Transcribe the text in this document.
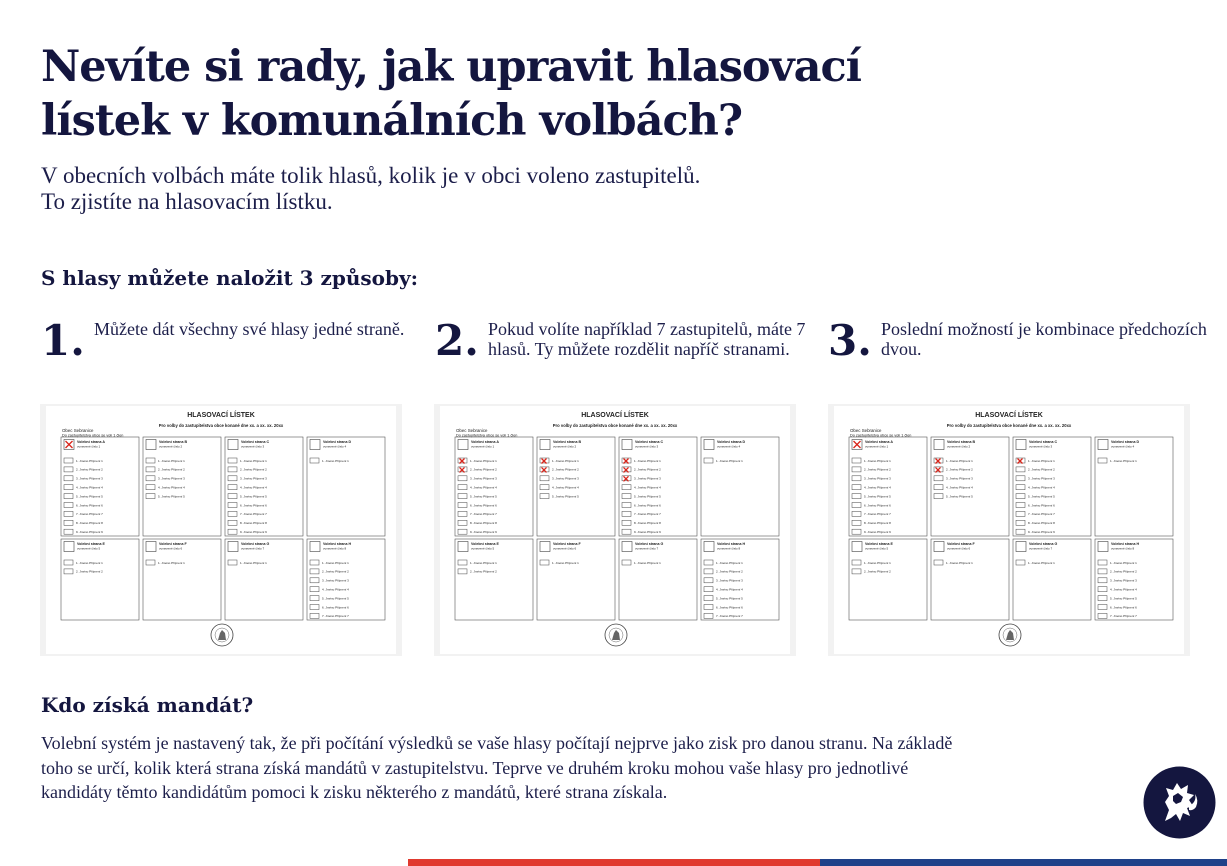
Nevíte si rady, jak upravit hlasovací
lístek v komunálních volbách?

V obecních volbách máte tolik hlasů, kolik je v obci voleno zastupitelů.
To zjistíte na hlasovacím lístku.

S hlasy můžete naložit 3 způsoby:
1. Můžete dát všechny své hlasy jedné straně. 2. Pokud volíte například 7 zastupitelů, máte 7 hlasů. Ty můžete rozdělit napříč stranami. 3. Poslední možností je kombinace předchozích dvou.
HLASOVACÍ LÍSTEK
Pro volby do zastupitelstva obce konané dne xx. a xx. xx. 20xx
Obec Sebranice
Do zastupitelstva obce se volí 1 člen
Volební strana A
vymezené číslo 1
1. Jméno Příjmení 1
2. Jméno Příjmení 2
3. Jméno Příjmení 3
4. Jméno Příjmení 4
5. Jméno Příjmení 5
6. Jméno Příjmení 6
7. Jméno Příjmení 7
8. Jméno Příjmení 8
9. Jméno Příjmení 9
Volební strana B
vymezené číslo 2
1. Jméno Příjmení 1
2. Jméno Příjmení 2
3. Jméno Příjmení 3
4. Jméno Příjmení 4
5. Jméno Příjmení 5
Volební strana C
vymezené číslo 3
1. Jméno Příjmení 1
2. Jméno Příjmení 2
3. Jméno Příjmení 3
4. Jméno Příjmení 4
5. Jméno Příjmení 5
6. Jméno Příjmení 6
7. Jméno Příjmení 7
8. Jméno Příjmení 8
9. Jméno Příjmení 9
Volební strana D
vymezené číslo 4
1. Jméno Příjmení 1
Volební strana E
vymezené číslo 5
1. Jméno Příjmení 1
2. Jméno Příjmení 2
Volební strana F
vymezené číslo 6
1. Jméno Příjmení 1
Volební strana G
vymezené číslo 7
1. Jméno Příjmení 1
Volební strana H
vymezené číslo 8
1. Jméno Příjmení 1
2. Jméno Příjmení 2
3. Jméno Příjmení 3
4. Jméno Příjmení 4
5. Jméno Příjmení 5
6. Jméno Příjmení 6
7. Jméno Příjmení 7
HLASOVACÍ LÍSTEK
Pro volby do zastupitelstva obce konané dne xx. a xx. xx. 20xx
Obec Sebranice
Do zastupitelstva obce se volí 1 člen
Volební strana A
vymezené číslo 1
1. Jméno Příjmení 1
2. Jméno Příjmení 2
3. Jméno Příjmení 3
4. Jméno Příjmení 4
5. Jméno Příjmení 5
6. Jméno Příjmení 6
7. Jméno Příjmení 7
8. Jméno Příjmení 8
9. Jméno Příjmení 9
Volební strana B
vymezené číslo 2
1. Jméno Příjmení 1
2. Jméno Příjmení 2
3. Jméno Příjmení 3
4. Jméno Příjmení 4
5. Jméno Příjmení 5
Volební strana C
vymezené číslo 3
1. Jméno Příjmení 1
2. Jméno Příjmení 2
3. Jméno Příjmení 3
4. Jméno Příjmení 4
5. Jméno Příjmení 5
6. Jméno Příjmení 6
7. Jméno Příjmení 7
8. Jméno Příjmení 8
9. Jméno Příjmení 9
Volební strana D
vymezené číslo 4
1. Jméno Příjmení 1
Volební strana E
vymezené číslo 5
1. Jméno Příjmení 1
2. Jméno Příjmení 2
Volební strana F
vymezené číslo 6
1. Jméno Příjmení 1
Volební strana G
vymezené číslo 7
1. Jméno Příjmení 1
Volební strana H
vymezené číslo 8
1. Jméno Příjmení 1
2. Jméno Příjmení 2
3. Jméno Příjmení 3
4. Jméno Příjmení 4
5. Jméno Příjmení 5
6. Jméno Příjmení 6
7. Jméno Příjmení 7
HLASOVACÍ LÍSTEK
Pro volby do zastupitelstva obce konané dne xx. a xx. xx. 20xx
Obec Sebranice
Do zastupitelstva obce se volí 1 člen
Volební strana A
vymezené číslo 1
1. Jméno Příjmení 1
2. Jméno Příjmení 2
3. Jméno Příjmení 3
4. Jméno Příjmení 4
5. Jméno Příjmení 5
6. Jméno Příjmení 6
7. Jméno Příjmení 7
8. Jméno Příjmení 8
9. Jméno Příjmení 9
Volební strana B
vymezené číslo 2
1. Jméno Příjmení 1
2. Jméno Příjmení 2
3. Jméno Příjmení 3
4. Jméno Příjmení 4
5. Jméno Příjmení 5
Volební strana C
vymezené číslo 3
1. Jméno Příjmení 1
2. Jméno Příjmení 2
3. Jméno Příjmení 3
4. Jméno Příjmení 4
5. Jméno Příjmení 5
6. Jméno Příjmení 6
7. Jméno Příjmení 7
8. Jméno Příjmení 8
9. Jméno Příjmení 9
Volební strana D
vymezené číslo 4
1. Jméno Příjmení 1
Volební strana E
vymezené číslo 5
1. Jméno Příjmení 1
2. Jméno Příjmení 2
Volební strana F
vymezené číslo 6
1. Jméno Příjmení 1
Volební strana G
vymezené číslo 7
1. Jméno Příjmení 1
Volební strana H
vymezené číslo 8
1. Jméno Příjmení 1
2. Jméno Příjmení 2
3. Jméno Příjmení 3
4. Jméno Příjmení 4
5. Jméno Příjmení 5
6. Jméno Příjmení 6
7. Jméno Příjmení 7
Kdo získá mandát?

Volební systém je nastavený tak, že při počítání výsledků se vaše hlasy počítají nejprve jako zisk pro danou stranu. Na základě
toho se určí, kolik která strana získá mandátů v zastupitelstvu. Teprve ve druhém kroku mohou vaše hlasy pro jednotlivé
kandidáty těmto kandidátům pomoci k zisku některého z mandátů, které strana získala.
